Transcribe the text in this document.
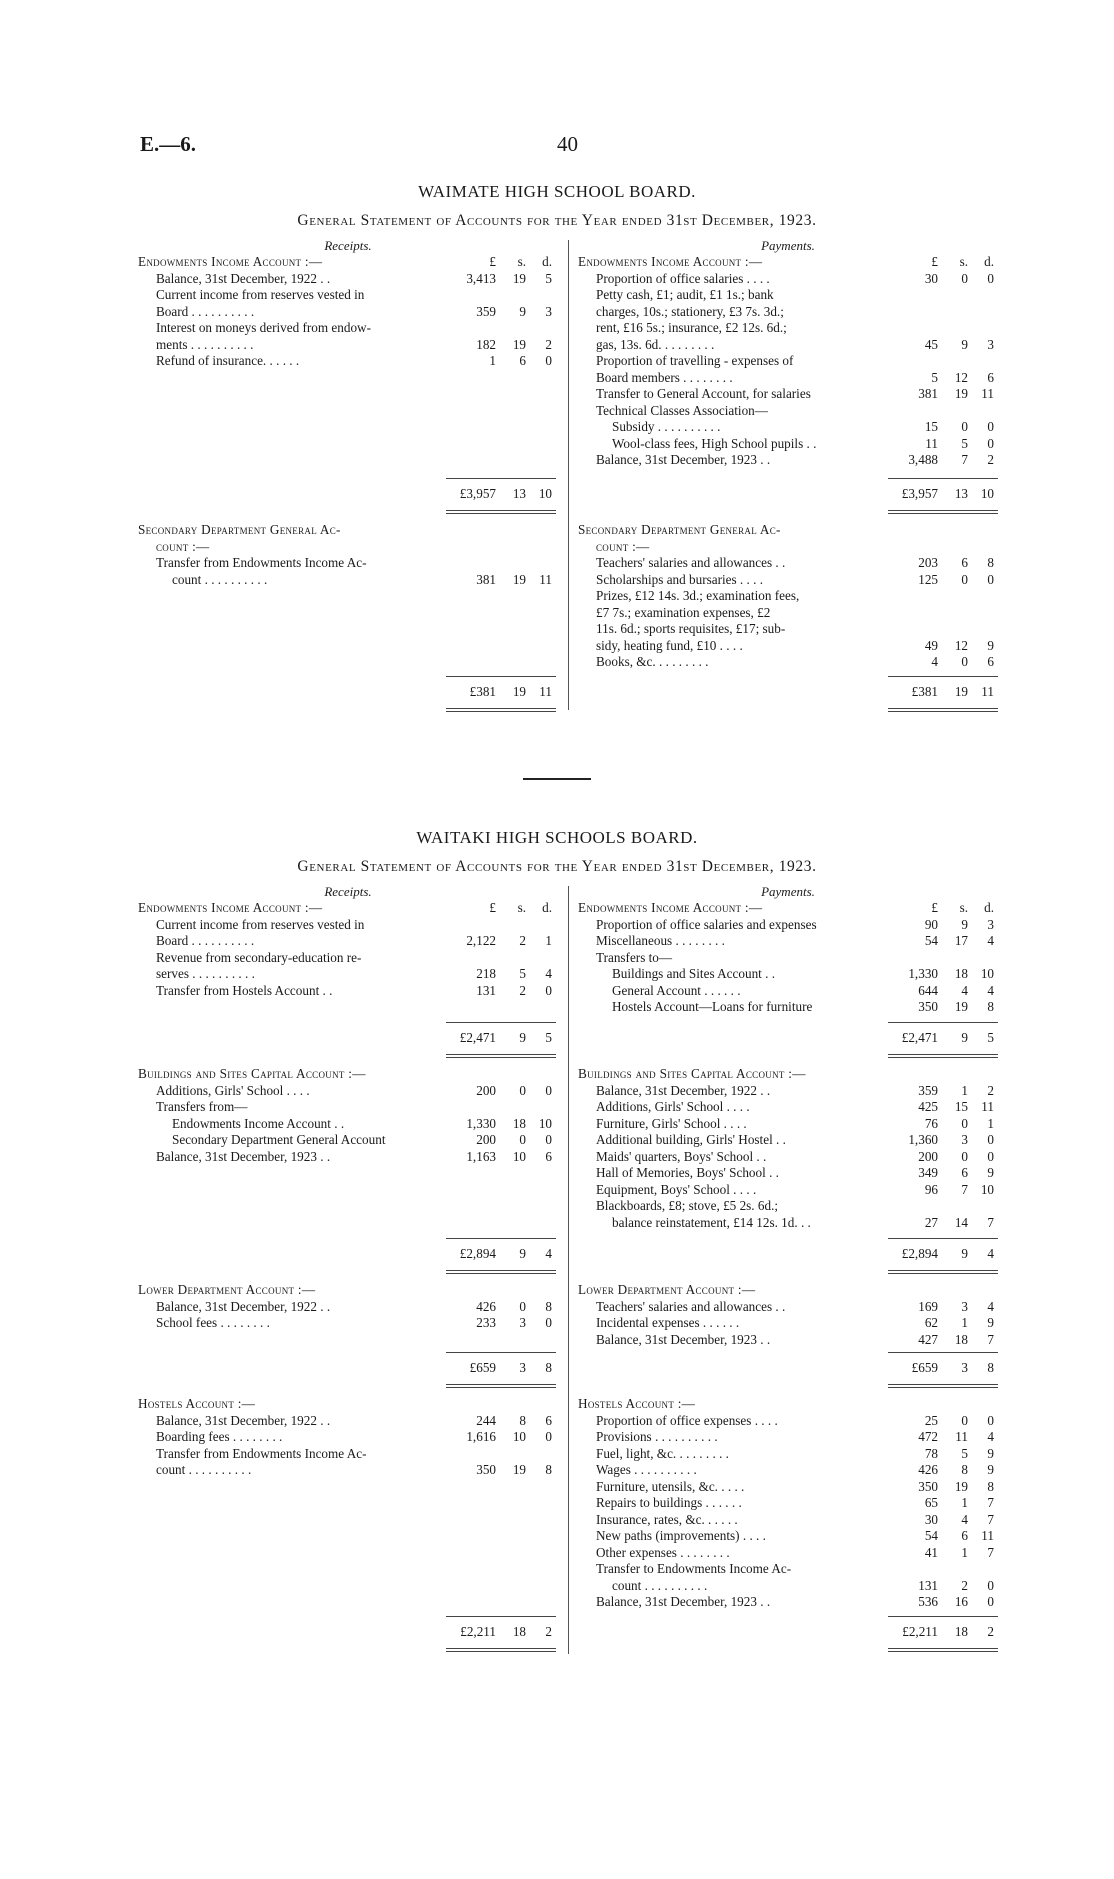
E.—6.	40
WAIMATE HIGH SCHOOL BOARD.
General Statement of Accounts for the Year ended 31st December, 1923.
Receipts.	Payments.
Endowments Income Account :—	£	s.	d.
Balance, 31st December, 1922 . .	3,413	19	5
Current income from reserves vested in
Board . . . . . . . . . .	359	9	3
Interest on moneys derived from endow-
ments . . . . . . . . . .	182	19	2
Refund of insurance. . . . . .	1	6	0
Endowments Income Account :—	£	s.	d.
Proportion of office salaries . . . .	30	0	0
Petty cash, £1; audit, £1 1s.; bank
charges, 10s.; stationery, £3 7s. 3d.;
rent, £16 5s.; insurance, £2 12s. 6d.;
gas, 13s. 6d. . . . . . . . .	45	9	3
Proportion of travelling - expenses of
Board members . . . . . . . .	5	12	6
Transfer to General Account, for salaries	381	19	11
Technical Classes Association—
Subsidy . . . . . . . . . .	15	0	0
Wool-class fees, High School pupils . .	11	5	0
Balance, 31st December, 1923 . .	3,488	7	2
£3,957	13 10	£3,957	13 10
Secondary Department General Ac-
count :—
Transfer from Endowments Income Ac-
count . . . . . . . . . .	381	19	11
Secondary Department General Ac-
count :—
Teachers' salaries and allowances . .	203	6	8
Scholarships and bursaries . . . .	125	0	0
Prizes, £12 14s. 3d.; examination fees,
£7 7s.; examination expenses, £2
11s. 6d.; sports requisites, £17; sub-
sidy, heating fund, £10 . . . .	49	12	9
Books, &c. . . . . . . . .	4	0	6
£381	19	11	£381	19	11
WAITAKI HIGH SCHOOLS BOARD.
General Statement of Accounts for the Year ended 31st December, 1923.
Receipts.	Payments.
Endowments Income Account :—	£	s.	d.
Current income from reserves vested in
Board . . . . . . . . . .	2,122	2	1
Revenue from secondary-education re-
serves . . . . . . . . . .	218	5	4
Transfer from Hostels Account . .	131	2	0
Endowments Income Account :—	£	s.	d.
Proportion of office salaries and expenses	90	9	3
Miscellaneous . . . . . . . .	54	17	4
Transfers to—
Buildings and Sites Account . .	1,330	18 10
General Account . . . . . .	644	4	4
Hostels Account—Loans for furniture	350	19	8
£2,471	9	5	£2,471	9	5
Buildings and Sites Capital Account :—
Additions, Girls' School . . . .	200	0	0
Transfers from—
Endowments Income Account . .	1,330	18 10
Secondary Department General Account	200	0	0
Balance, 31st December, 1923 . .	1,163	10	6
Buildings and Sites Capital Account :—
Balance, 31st December, 1922 . .	359	1	2
Additions, Girls' School . . . .	425	15	11
Furniture, Girls' School . . . .	76	0	1
Additional building, Girls' Hostel . .	1,360	3	0
Maids' quarters, Boys' School . .	200	0	0
Hall of Memories, Boys' School . .	349	6	9
Equipment, Boys' School . . . .	96	7 10
Blackboards, £8; stove, £5 2s. 6d.;
balance reinstatement, £14 12s. 1d. . .	27	14	7
£2,894	9	4	£2,894	9	4
Lower Department Account :—
Balance, 31st December, 1922 . .	426	0	8
School fees . . . . . . . .	233	3	0
Lower Department Account :—
Teachers' salaries and allowances . .	169	3	4
Incidental expenses . . . . . .	62	1	9
Balance, 31st December, 1923 . .	427	18	7
£659	3	8	£659	3	8
Hostels Account :—
Balance, 31st December, 1922 . .	244	8	6
Boarding fees . . . . . . . .	1,616	10	0
Transfer from Endowments Income Ac-
count . . . . . . . . . .	350	19	8
Hostels Account :—
Proportion of office expenses . . . .	25	0	0
Provisions . . . . . . . . . .	472	11	4
Fuel, light, &c. . . . . . . . .	78	5	9
Wages . . . . . . . . . .	426	8	9
Furniture, utensils, &c. . . . .	350	19	8
Repairs to buildings . . . . . .	65	1	7
Insurance, rates, &c. . . . . .	30	4	7
New paths (improvements) . . . .	54	6	11
Other expenses . . . . . . . .	41	1	7
Transfer to Endowments Income Ac-
count . . . . . . . . . .	131	2	0
Balance, 31st December, 1923 . .	536	16	0
£2,211	18	2	£2,211	18	2
